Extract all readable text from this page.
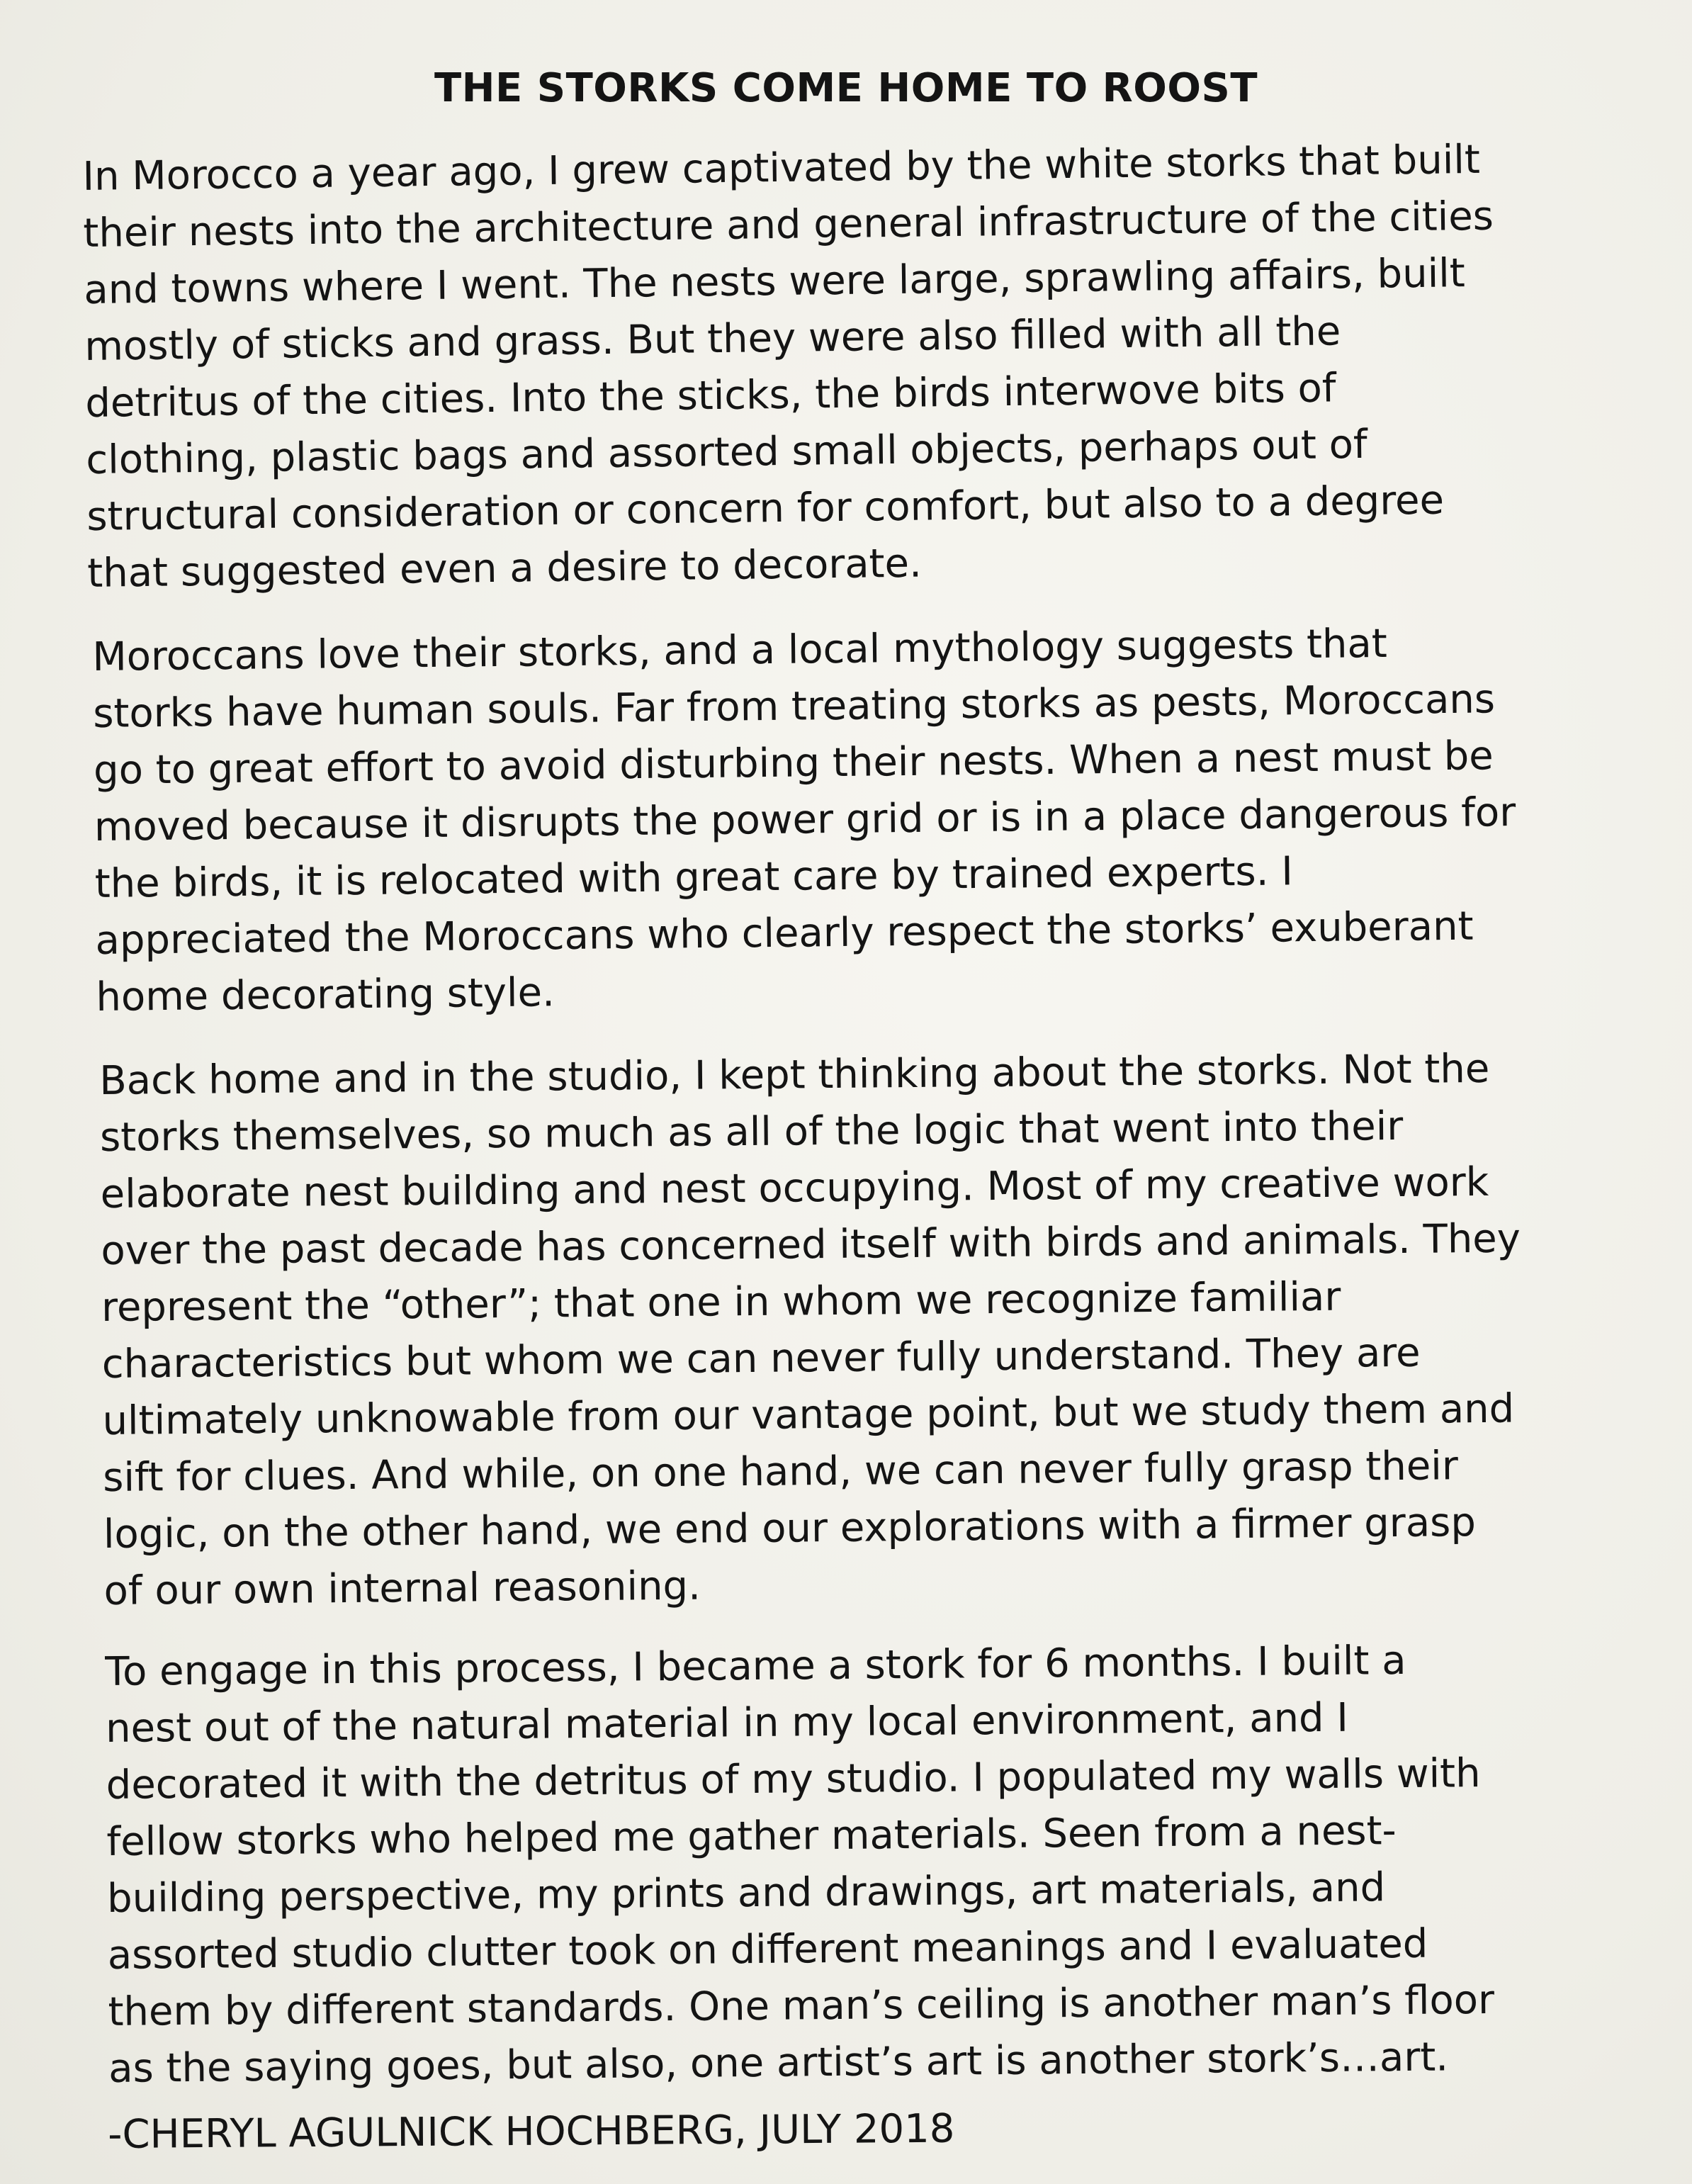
THE STORKS COME HOME TO ROOST

In Morocco a year ago, I grew captivated by the white storks that built
their nests into the architecture and general infrastructure of the cities
and towns where I went. The nests were large, sprawling affairs, built
mostly of sticks and grass. But they were also filled with all the
detritus of the cities. Into the sticks, the birds interwove bits of
clothing, plastic bags and assorted small objects, perhaps out of
structural consideration or concern for comfort, but also to a degree
that suggested even a desire to decorate.

Moroccans love their storks, and a local mythology suggests that
storks have human souls. Far from treating storks as pests, Moroccans
go to great effort to avoid disturbing their nests. When a nest must be
moved because it disrupts the power grid or is in a place dangerous for
the birds, it is relocated with great care by trained experts. I
appreciated the Moroccans who clearly respect the storks’ exuberant
home decorating style.

Back home and in the studio, I kept thinking about the storks. Not the
storks themselves, so much as all of the logic that went into their
elaborate nest building and nest occupying. Most of my creative work
over the past decade has concerned itself with birds and animals. They
represent the “other”; that one in whom we recognize familiar
characteristics but whom we can never fully understand. They are
ultimately unknowable from our vantage point, but we study them and
sift for clues. And while, on one hand, we can never fully grasp their
logic, on the other hand, we end our explorations with a firmer grasp
of our own internal reasoning.

To engage in this process, I became a stork for 6 months. I built a
nest out of the natural material in my local environment, and I
decorated it with the detritus of my studio. I populated my walls with
fellow storks who helped me gather materials. Seen from a nest-
building perspective, my prints and drawings, art materials, and
assorted studio clutter took on different meanings and I evaluated
them by different standards. One man’s ceiling is another man’s floor
as the saying goes, but also, one artist’s art is another stork’s…art.

-CHERYL AGULNICK HOCHBERG, JULY 2018
